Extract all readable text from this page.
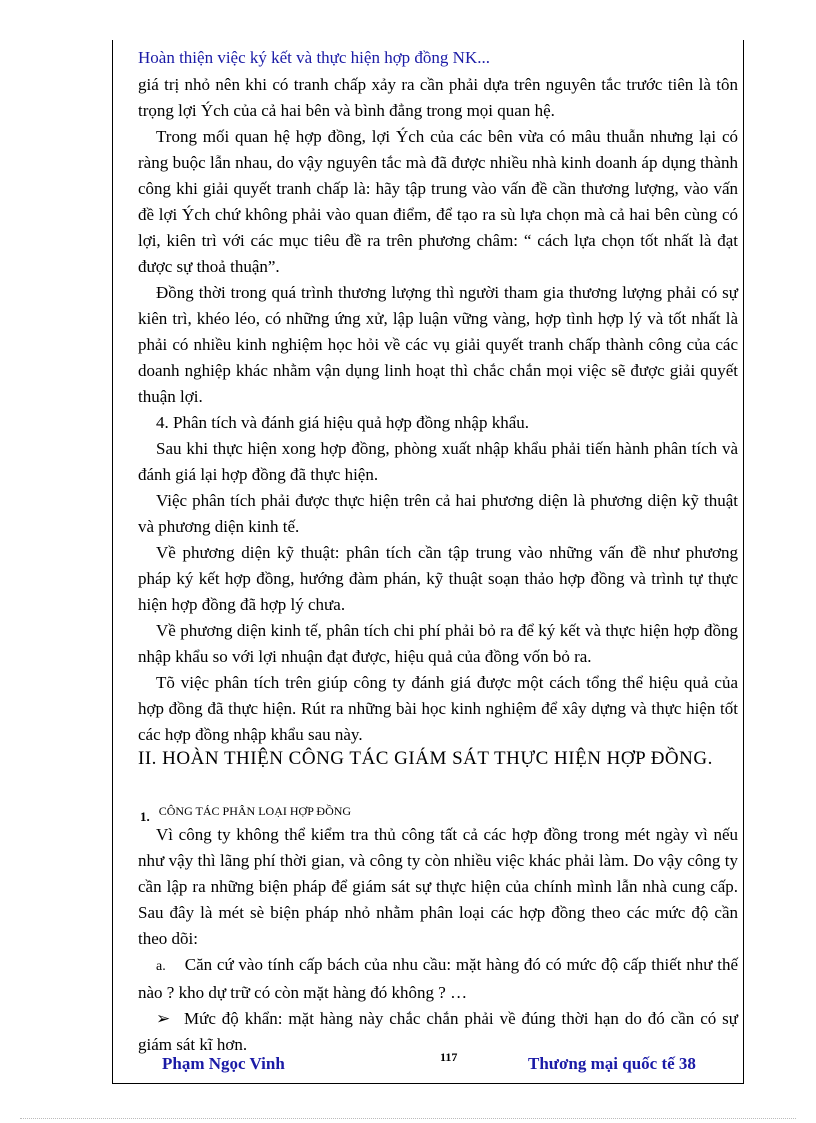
Hoàn thiện việc ký kết và thực hiện hợp đồng NK...

giá trị nhỏ nên khi có tranh chấp xảy ra cần phải dựa trên nguyên tắc trước tiên là tôn trọng lợi Ých của cả hai bên và bình đẳng trong mọi quan hệ.

Trong mối quan hệ hợp đồng, lợi Ých của các bên vừa có mâu thuẫn nhưng lại có ràng buộc lẫn nhau, do vậy nguyên tắc mà đã được nhiều nhà kinh doanh áp dụng thành công khi giải quyết tranh chấp là: hãy tập trung vào vấn đề cần thương lượng, vào vấn đề lợi Ých chứ không phải vào quan điểm, để tạo ra sù lựa chọn mà cả hai bên cùng có lợi, kiên trì với các mục tiêu đề ra trên phương châm: “ cách lựa chọn tốt nhất là đạt được sự thoả thuận”.

Đồng thời trong quá trình thương lượng thì người tham gia thương lượng phải có sự kiên trì, khéo léo, có những ứng xử, lập luận vững vàng, hợp tình hợp lý và tốt nhất là phải có nhiều kinh nghiệm học hỏi về các vụ giải quyết tranh chấp thành công của các doanh nghiệp khác nhằm vận dụng linh hoạt thì chắc chắn mọi việc sẽ được giải quyết thuận lợi.

4. Phân tích và đánh giá hiệu quả hợp đồng nhập khẩu.

Sau khi thực hiện xong hợp đồng, phòng xuất nhập khẩu phải tiến hành phân tích và đánh giá lại hợp đồng đã thực hiện.

Việc phân tích phải được thực hiện trên cả hai phương diện là phương diện kỹ thuật và phương diện kinh tế.

Về phương diện kỹ thuật: phân tích cần tập trung vào những vấn đề như phương pháp ký kết hợp đồng, hướng đàm phán, kỹ thuật soạn thảo hợp đồng và trình tự thực hiện hợp đồng đã hợp lý chưa.

Về phương diện kinh tế, phân tích chi phí phải bỏ ra để ký kết và thực hiện hợp đồng nhập khẩu so với lợi nhuận đạt được, hiệu quả của đồng vốn bỏ ra.

Tõ việc phân tích trên giúp công ty đánh giá được một cách tổng thể hiệu quả của hợp đồng đã thực hiện. Rút ra những bài học kinh nghiệm để xây dựng và thực hiện tốt các hợp đồng nhập khẩu sau này.

II. HOÀN THIỆN CÔNG TÁC GIÁM SÁT THỰC HIỆN HỢP ĐỒNG.
1. CÔNG TÁC PHÂN LOẠI HỢP ĐỒNG

Vì công ty không thể kiểm tra thủ công tất cả các hợp đồng trong mét ngày vì nếu như vậy thì lãng phí thời gian, và công ty còn nhiều việc khác phải làm. Do vậy công ty cần lập ra những biện pháp để giám sát sự thực hiện của chính mình lẫn nhà cung cấp. Sau đây là mét sè biện pháp nhỏ nhằm phân loại các hợp đồng theo các mức độ cần theo dõi:

a. Căn cứ vào tính cấp bách của nhu cầu: mặt hàng đó có mức độ cấp thiết như thế nào ? kho dự trữ có còn mặt hàng đó không ? …

➢ Mức độ khẩn: mặt hàng này chắc chắn phải về đúng thời hạn do đó cần có sự giám sát kĩ hơn.

Phạm Ngọc Vinh	117	Thương mại quốc tế 38
